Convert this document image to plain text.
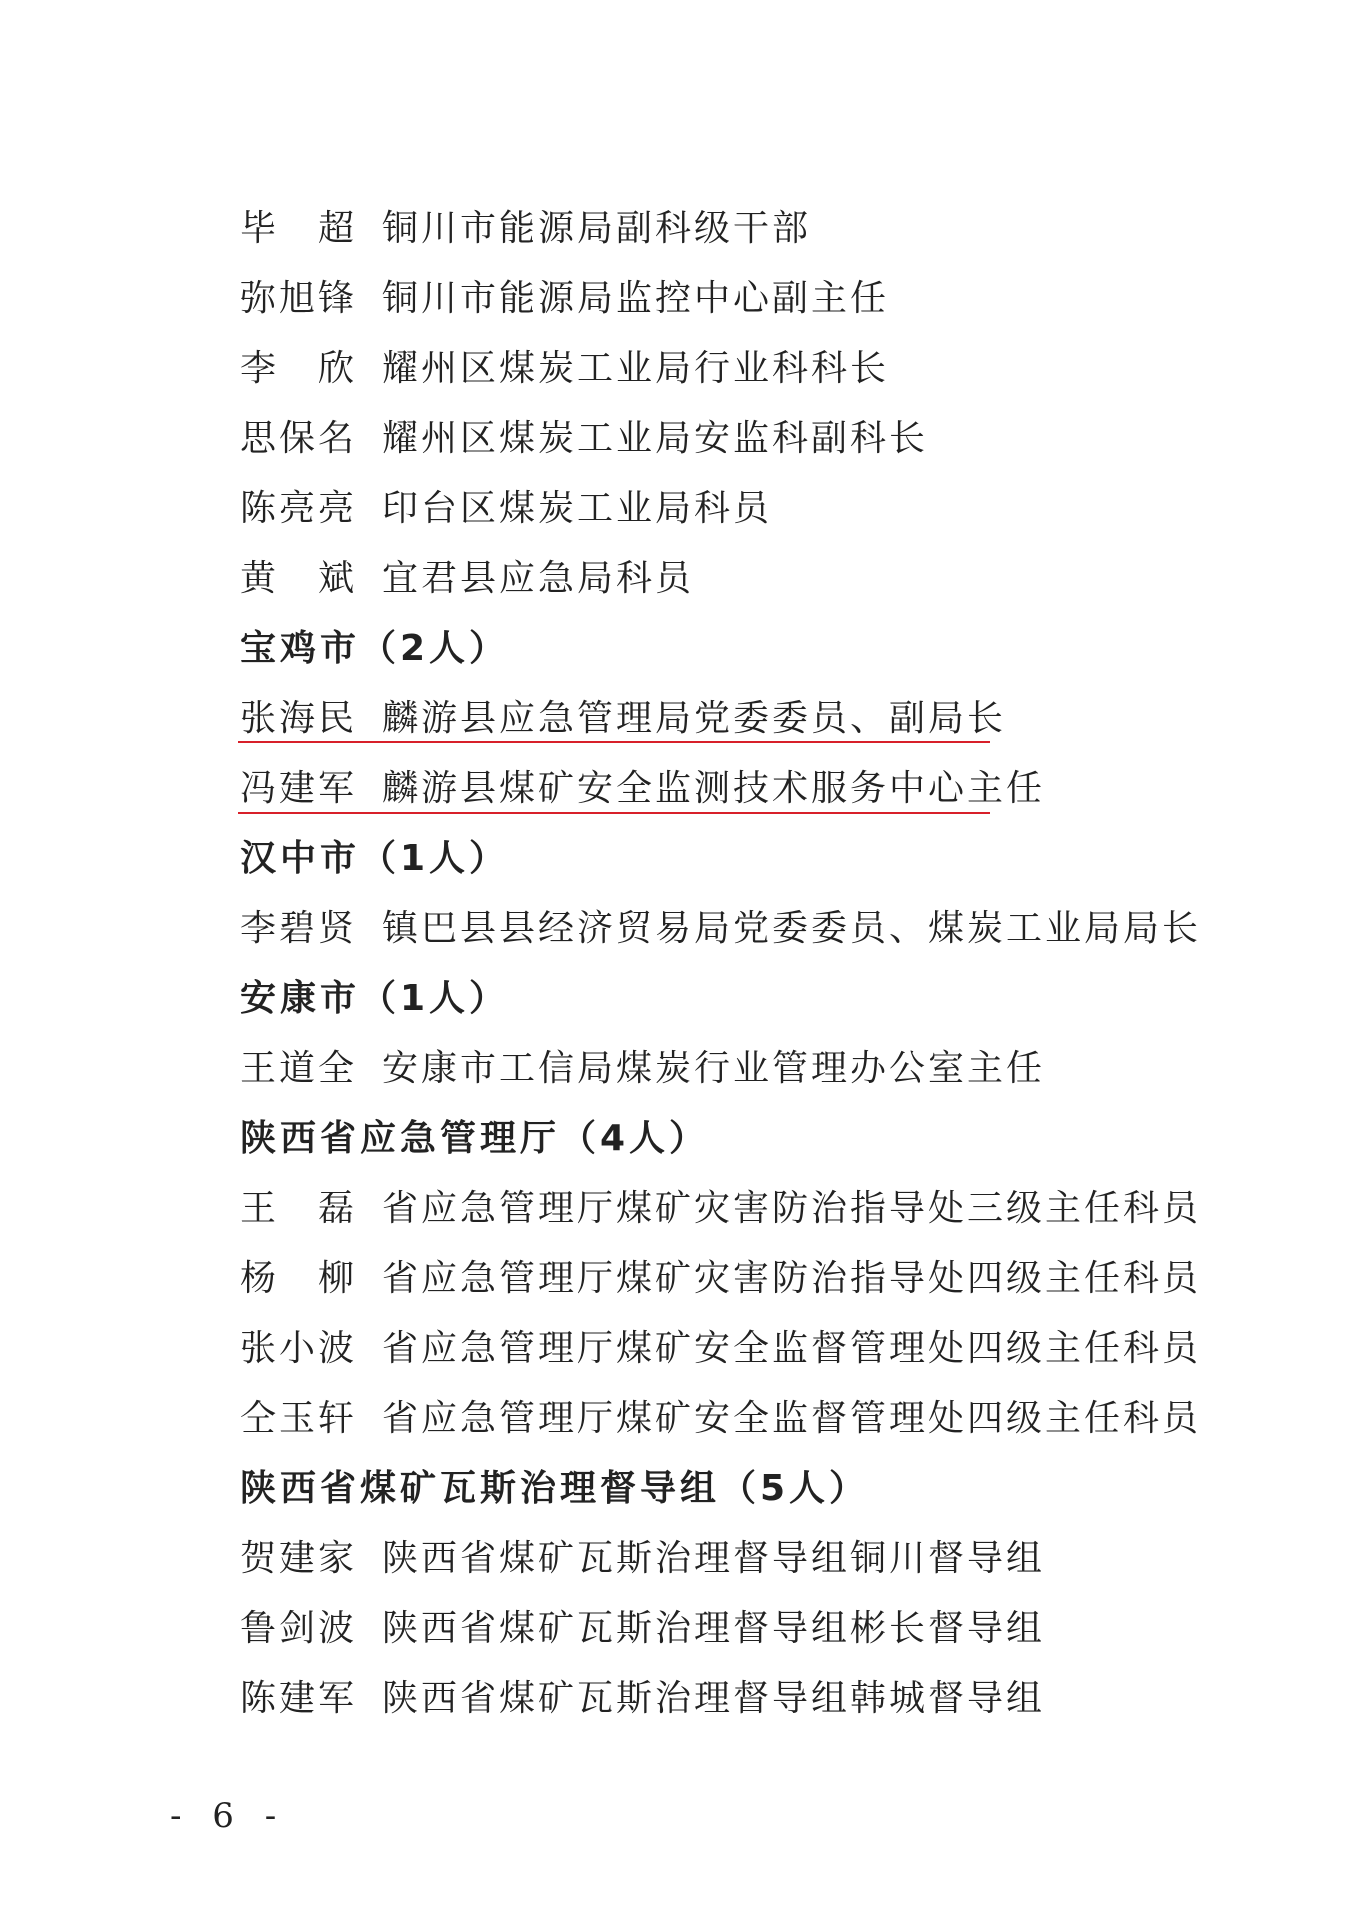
毕　超 铜川市能源局副科级干部
弥旭锋 铜川市能源局监控中心副主任
李　欣 耀州区煤炭工业局行业科科长
思保名 耀州区煤炭工业局安监科副科长
陈亮亮 印台区煤炭工业局科员
黄　斌 宜君县应急局科员
宝鸡市（2人）
张海民 麟游县应急管理局党委委员、副局长
冯建军 麟游县煤矿安全监测技术服务中心主任
汉中市（1人）
李碧贤 镇巴县县经济贸易局党委委员、煤炭工业局局长
安康市（1人）
王道全 安康市工信局煤炭行业管理办公室主任
陕西省应急管理厅（4人）
王　磊 省应急管理厅煤矿灾害防治指导处三级主任科员
杨　柳 省应急管理厅煤矿灾害防治指导处四级主任科员
张小波 省应急管理厅煤矿安全监督管理处四级主任科员
仝玉轩 省应急管理厅煤矿安全监督管理处四级主任科员
陕西省煤矿瓦斯治理督导组（5人）
贺建家 陕西省煤矿瓦斯治理督导组铜川督导组
鲁剑波 陕西省煤矿瓦斯治理督导组彬长督导组
陈建军 陕西省煤矿瓦斯治理督导组韩城督导组
- 6 -
